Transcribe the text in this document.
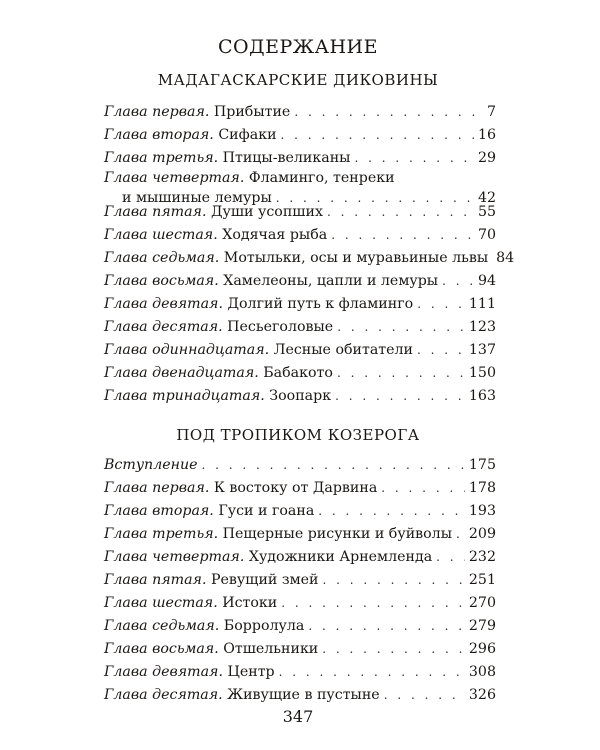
СОДЕРЖАНИЕ
МАДАГАСКАРСКИЕ ДИКОВИНЫ
ПОД ТРОПИКОМ КОЗЕРОГА
Глава первая. Прибытие . . .	7
Глава вторая. Сифаки . . .	16
Глава третья. Птицы-великаны . . .	29
Глава четвертая. Фламинго, тенреки
и мышиные лемуры . . .	42
Глава пятая. Души усопших . . .	55
Глава шестая. Ходячая рыба . . .	70
Глава седьмая. Мотыльки, осы и муравьиные львы 84
Глава восьмая. Хамелеоны, цапли и лемуры . . .	94
Глава девятая. Долгий путь к фламинго . . .	111
Глава десятая. Песьеголовые . . .	123
Глава одиннадцатая. Лесные обитатели . . .	137
Глава двенадцатая. Бабакото . . .	150
Глава тринадцатая. Зоопарк . . .	163
Вступление . . .	175
Глава первая. К востоку от Дарвина . . .	178
Глава вторая. Гуси и гоана . . .	193
Глава третья. Пещерные рисунки и буйволы . . . 209
Глава четвертая. Художники Арнемленда . . .	232
Глава пятая. Ревущий змей . . .	251
Глава шестая. Истоки . . .	270
Глава седьмая. Борролула . . .	279
Глава восьмая. Отшельники . . .	296
Глава девятая. Центр . . .	308
Глава десятая. Живущие в пустыне . . .	326
347
